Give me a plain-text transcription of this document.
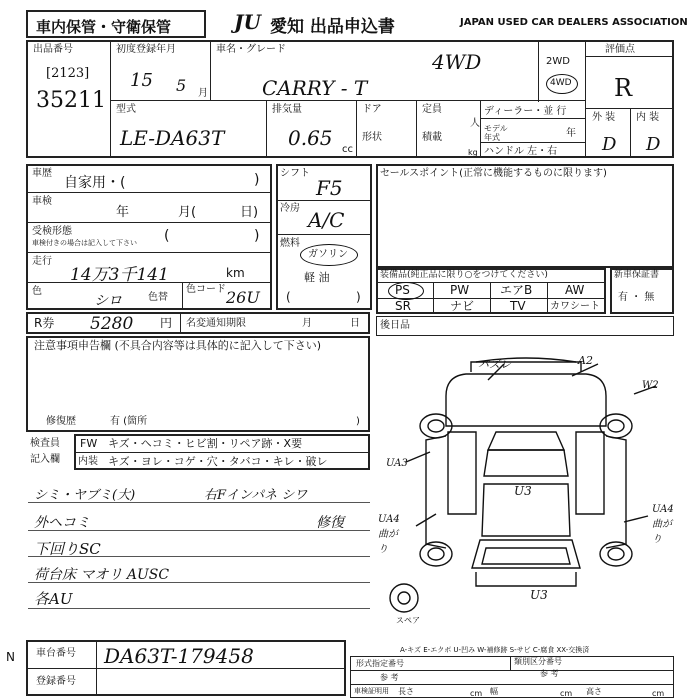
車内保管・守衛保管	JU 愛知 出品申込書	JAPAN USED CAR DEALERS ASSOCIATION
出品番号
[2123]
35211
初度登録年月
15 5 月
車名・グレード
4WD
CARRY - T
2WD
4WD
評価点
R
外 装 内 装
D D
型式
LE-DA63T
排気量
0.65 cc
ドア
形状
定員
人
積載
kg
ディーラー・並 行
モデル 年式	年
ハンドル 左・右
車歴
自家用・(	)
車検
年	月(	日)
受検形態
車検付きの場合は記入して下さい (	)
走行
14万3千141	km
色
シロ	色替
色コード 26U
シフト
F5
冷房 A/C
燃料
ガソリン
軽 油
(	)
セールスポイント(正常に機能するものに限ります)
装備品(純正品に限り○をつけてください)
PS	PW	エアB	AW
SR	ナビ	TV カワシート
新車保証書
有 ・ 無
R券 5280 円 名変通知期限	月	日 後日品
注意事項申告欄 (不具合内容等は具体的に記入して下さい)
修復歴	有 (箇所	)
検査員
記入欄
FW キズ・ヘコミ・ヒビ割・リペア跡・X要
内装 キズ・ヨレ・コゲ・穴・タバコ・キレ・破レ
シミ・ヤブミ(大)	右Fインパネ シワ
外ヘコミ	修復
下回りSC
荷台床 マオリ AUSC
各AU
バズレ	A2
W2
UA3
U3
UA4 曲がり
UA4 曲がり
U3
スペア
A-キズ E-エクボ U-凹み W-補修跡 S-サビ C-腐食 XX-交換済
N 車台番号 DA63T-179458
登録番号
形式指定番号	類別区分番号
参 考	参 考
車検証明用 長さ	cm 幅	cm 高さ	cm
